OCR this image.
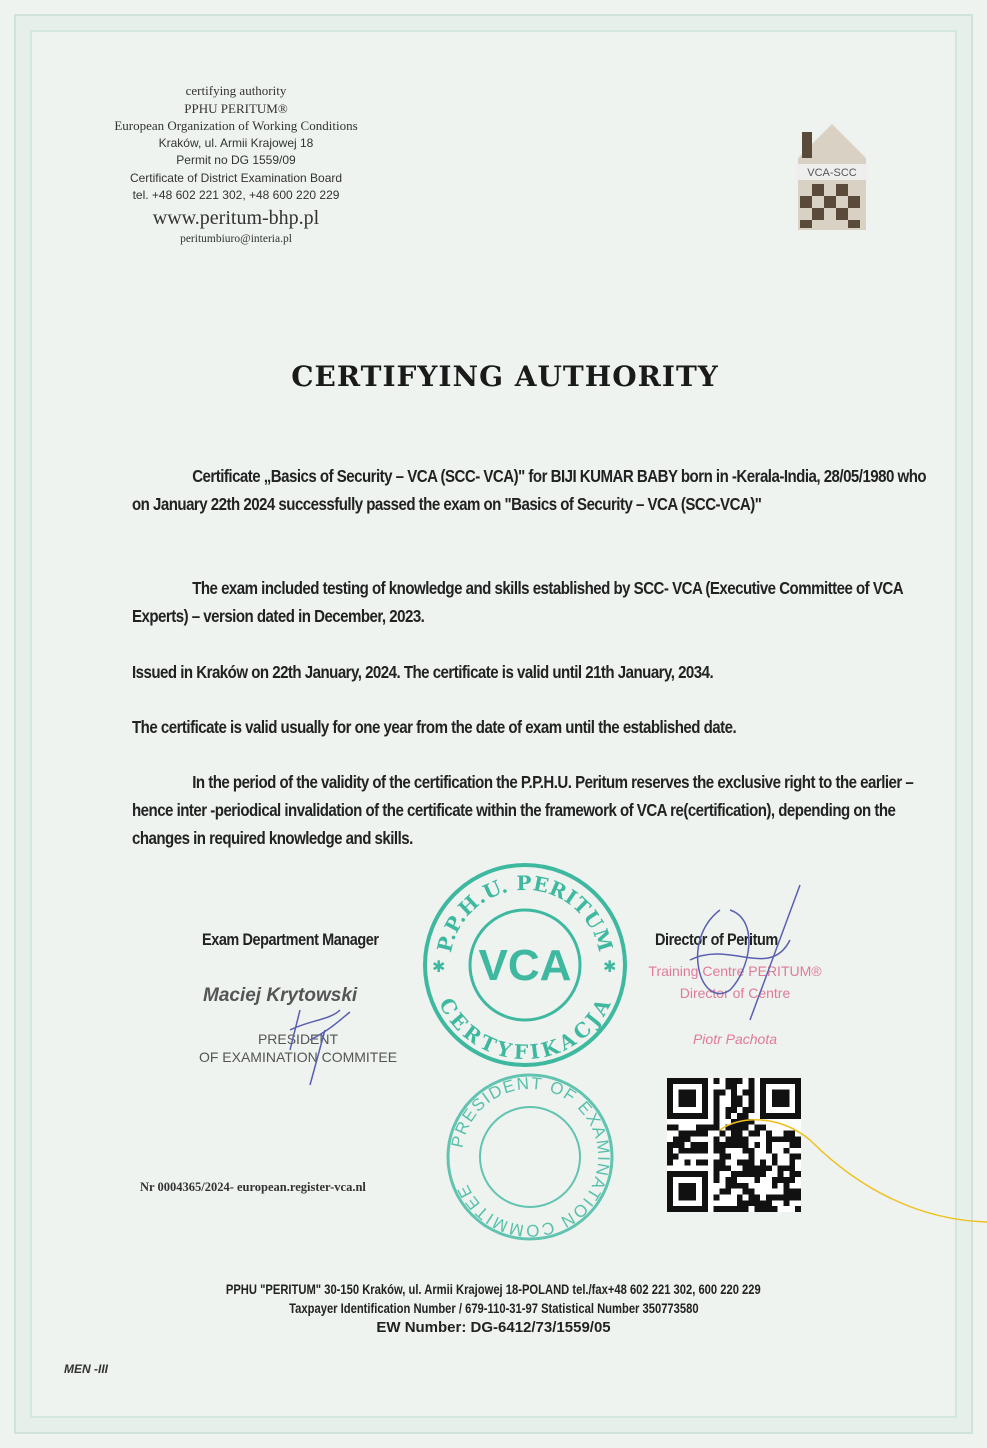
certifying authority
PPHU PERITUM®
European Organization of Working Conditions
Kraków, ul. Armii Krajowej 18
Permit no DG 1559/09
Certificate of District Examination Board
tel. +48 602 221 302, +48 600 220 229
www.peritum-bhp.pl
peritumbiuro@interia.pl
VCA-SCC
CERTIFYING AUTHORITY
Certificate „Basics of Security – VCA (SCC- VCA)" for BIJI KUMAR BABY born in -Kerala-India, 28/05/1980 who on January 22th 2024 successfully passed the exam on "Basics of Security – VCA (SCC-VCA)"
The exam included testing of knowledge and skills established by SCC- VCA (Executive Committee of VCA Experts) – version dated in December, 2023.
Issued in Kraków on 22th January, 2024. The certificate is valid until 21th January, 2034.
The certificate is valid usually for one year from the date of exam until the established date.
In the period of the validity of the certification the P.P.H.U. Peritum reserves the exclusive right to the earlier – hence inter -periodical invalidation of the certificate within the framework of VCA re(certification), depending on the changes in required knowledge and skills.
Exam Department Manager
Maciej Krytowski
PRESIDENT
OF EXAMINATION COMMITEE
Director of Peritum
Training Centre PERITUM®
Director of Centre
Piotr Pachota
P.P.H.U. PERITUM
CERTYFIKACJA
VCA
✱	✱
PRESIDENT OF EXAMINATION COMMITEE
Nr 0004365/2024- european.register-vca.nl
PPHU "PERITUM" 30-150 Kraków, ul. Armii Krajowej 18-POLAND tel./fax+48 602 221 302, 600 220 229
Taxpayer Identification Number / 679-110-31-97 Statistical Number 350773580
EW Number: DG-6412/73/1559/05
MEN -III
